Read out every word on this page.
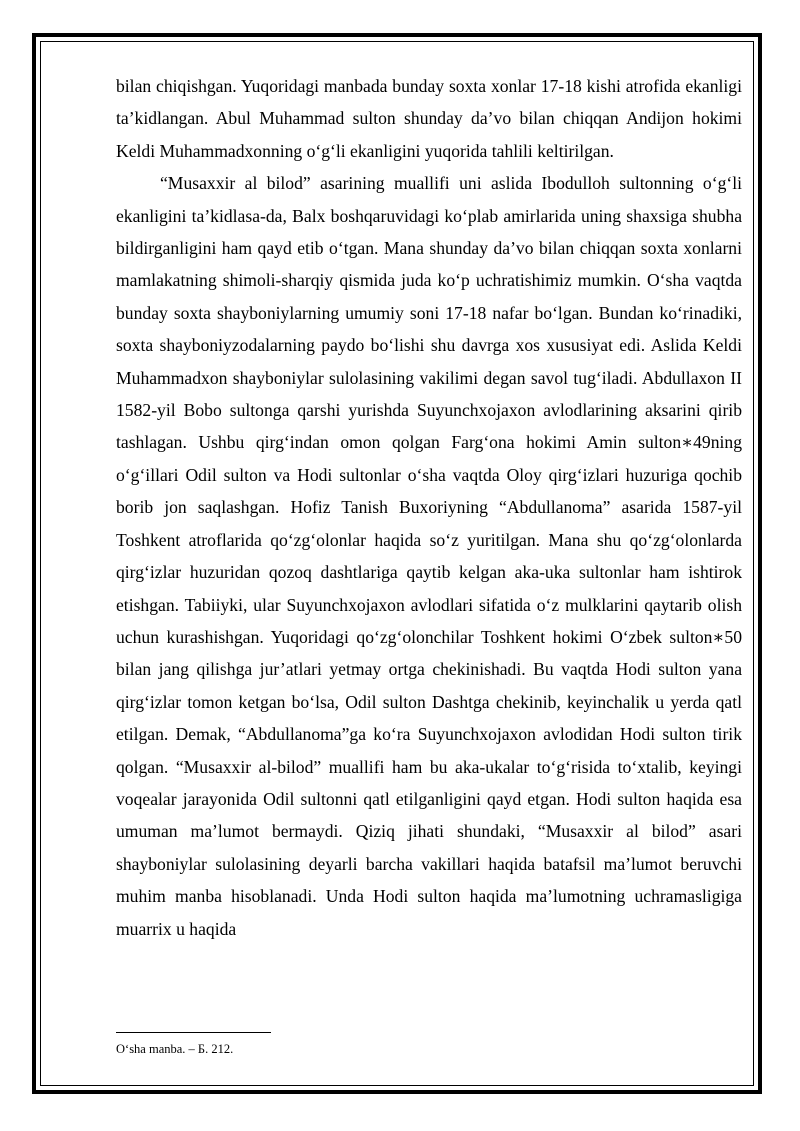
bilan chiqishgan. Yuqoridagi manbada bunday soxta xonlar 17-18 kishi atrofida ekanligi ta’kidlangan. Abul Muhammad sulton shunday da’vo bilan chiqqan Andijon hokimi Keldi Muhammadxonning o‘g‘li ekanligini yuqorida tahlili keltirilgan.

“Musaxxir al bilod” asarining muallifi uni aslida Ibodulloh sultonning o‘g‘li ekanligini ta’kidlasa-da, Balx boshqaruvidagi ko‘plab amirlarida uning shaxsiga shubha bildirganligini ham qayd etib o‘tgan. Mana shunday da’vo bilan chiqqan soxta xonlarni mamlakatning shimoli-sharqiy qismida juda ko‘p uchratishimiz mumkin. O‘sha vaqtda bunday soxta shayboniylarning umumiy soni 17-18 nafar bo‘lgan. Bundan ko‘rinadiki, soxta shayboniyzodalarning paydo bo‘lishi shu davrga xos xususiyat edi. Aslida Keldi Muhammadxon shayboniylar sulolasining vakilimi degan savol tug‘iladi. Abdullaxon II 1582-yil Bobo sultonga qarshi yurishda Suyunchxojaxon avlodlarining aksarini qirib tashlagan. Ushbu qirg‘indan omon qolgan Farg‘ona hokimi Amin sulton∗49ning o‘g‘illari Odil sulton va Hodi sultonlar o‘sha vaqtda Oloy qirg‘izlari huzuriga qochib borib jon saqlashgan. Hofiz Tanish Buxoriyning “Abdullanoma” asarida 1587-yil Toshkent atroflarida qo‘zg‘olonlar haqida so‘z yuritilgan. Mana shu qo‘zg‘olonlarda qirg‘izlar huzuridan qozoq dashtlariga qaytib kelgan aka-uka sultonlar ham ishtirok etishgan. Tabiiyki, ular Suyunchxojaxon avlodlari sifatida o‘z mulklarini qaytarib olish uchun kurashishgan. Yuqoridagi qo‘zg‘olonchilar Toshkent hokimi O‘zbek sulton∗50 bilan jang qilishga jur’atlari yetmay ortga chekinishadi. Bu vaqtda Hodi sulton yana qirg‘izlar tomon ketgan bo‘lsa, Odil sulton Dashtga chekinib, keyinchalik u yerda qatl etilgan. Demak, “Abdullanoma”ga ko‘ra Suyunchxojaxon avlodidan Hodi sulton tirik qolgan. “Musaxxir al-bilod” muallifi ham bu aka-ukalar to‘g‘risida to‘xtalib, keyingi voqealar jarayonida Odil sultonni qatl etilganligini qayd etgan. Hodi sulton haqida esa umuman ma’lumot bermaydi. Qiziq jihati shundaki, “Musaxxir al bilod” asari shayboniylar sulolasining deyarli barcha vakillari haqida batafsil ma’lumot beruvchi muhim manba hisoblanadi. Unda Hodi sulton haqida ma’lumotning uchramasligiga muarrix u haqida

O‘sha manba. – Б. 212.
